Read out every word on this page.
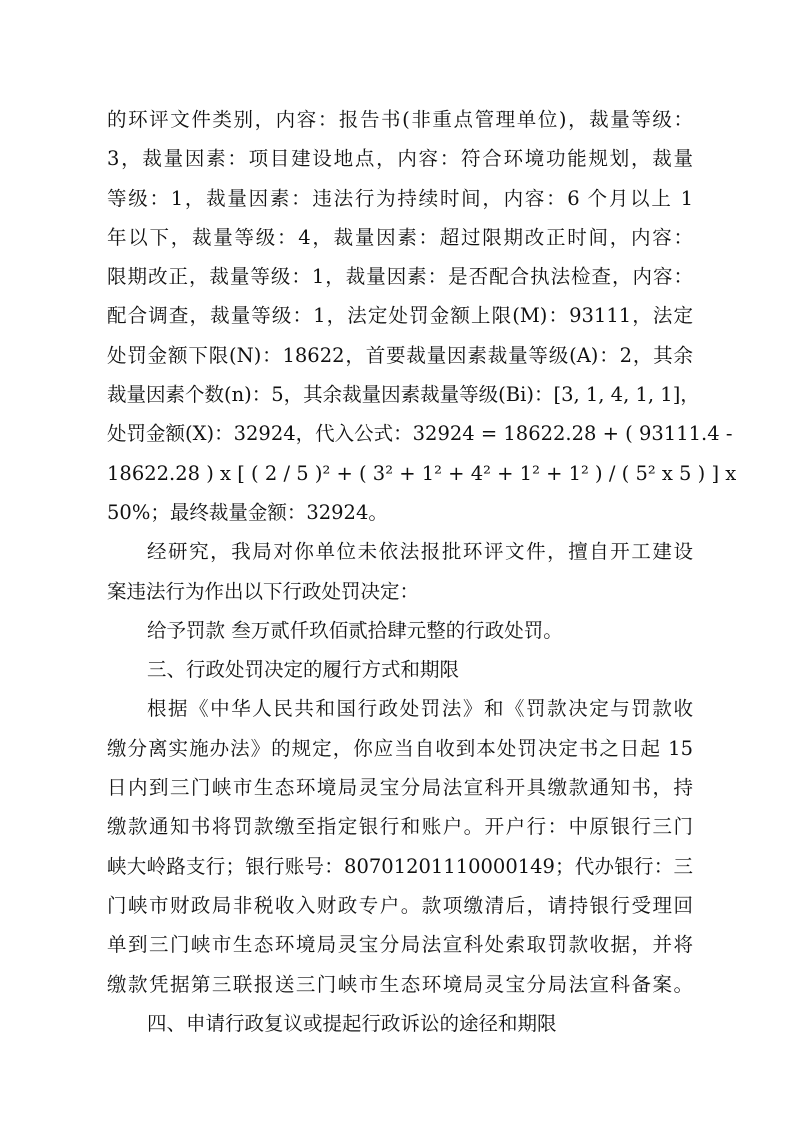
的环评文件类别，内容：报告书(非重点管理单位)，裁量等级：
3，裁量因素：项目建设地点，内容：符合环境功能规划，裁量
等级：1，裁量因素：违法行为持续时间，内容：6 个月以上 1
年以下，裁量等级：4，裁量因素：超过限期改正时间，内容：
限期改正，裁量等级：1，裁量因素：是否配合执法检查，内容：
配合调查，裁量等级：1，法定处罚金额上限(M)：93111，法定
处罚金额下限(N)：18622，首要裁量因素裁量等级(A)：2，其余
裁量因素个数(n)：5，其余裁量因素裁量等级(Bi)：[3, 1, 4, 1, 1]，
处罚金额(X)：32924，代入公式：32924 = 18622.28 + ( 93111.4 -
18622.28 ) x [ ( 2 / 5 )² + ( 3² + 1² + 4² + 1² + 1² ) / ( 5² x 5 ) ] x
50%；最终裁量金额：32924。
经研究，我局对你单位未依法报批环评文件，擅自开工建设
案违法行为作出以下行政处罚决定：
给予罚款 叁万贰仟玖佰贰拾肆元整的行政处罚。
三、行政处罚决定的履行方式和期限
根据《中华人民共和国行政处罚法》和《罚款决定与罚款收
缴分离实施办法》的规定，你应当自收到本处罚决定书之日起 15
日内到三门峡市生态环境局灵宝分局法宣科开具缴款通知书，持
缴款通知书将罚款缴至指定银行和账户。开户行：中原银行三门
峡大岭路支行；银行账号：80701201110000149；代办银行：三
门峡市财政局非税收入财政专户。款项缴清后，请持银行受理回
单到三门峡市生态环境局灵宝分局法宣科处索取罚款收据，并将
缴款凭据第三联报送三门峡市生态环境局灵宝分局法宣科备案。
四、申请行政复议或提起行政诉讼的途径和期限
